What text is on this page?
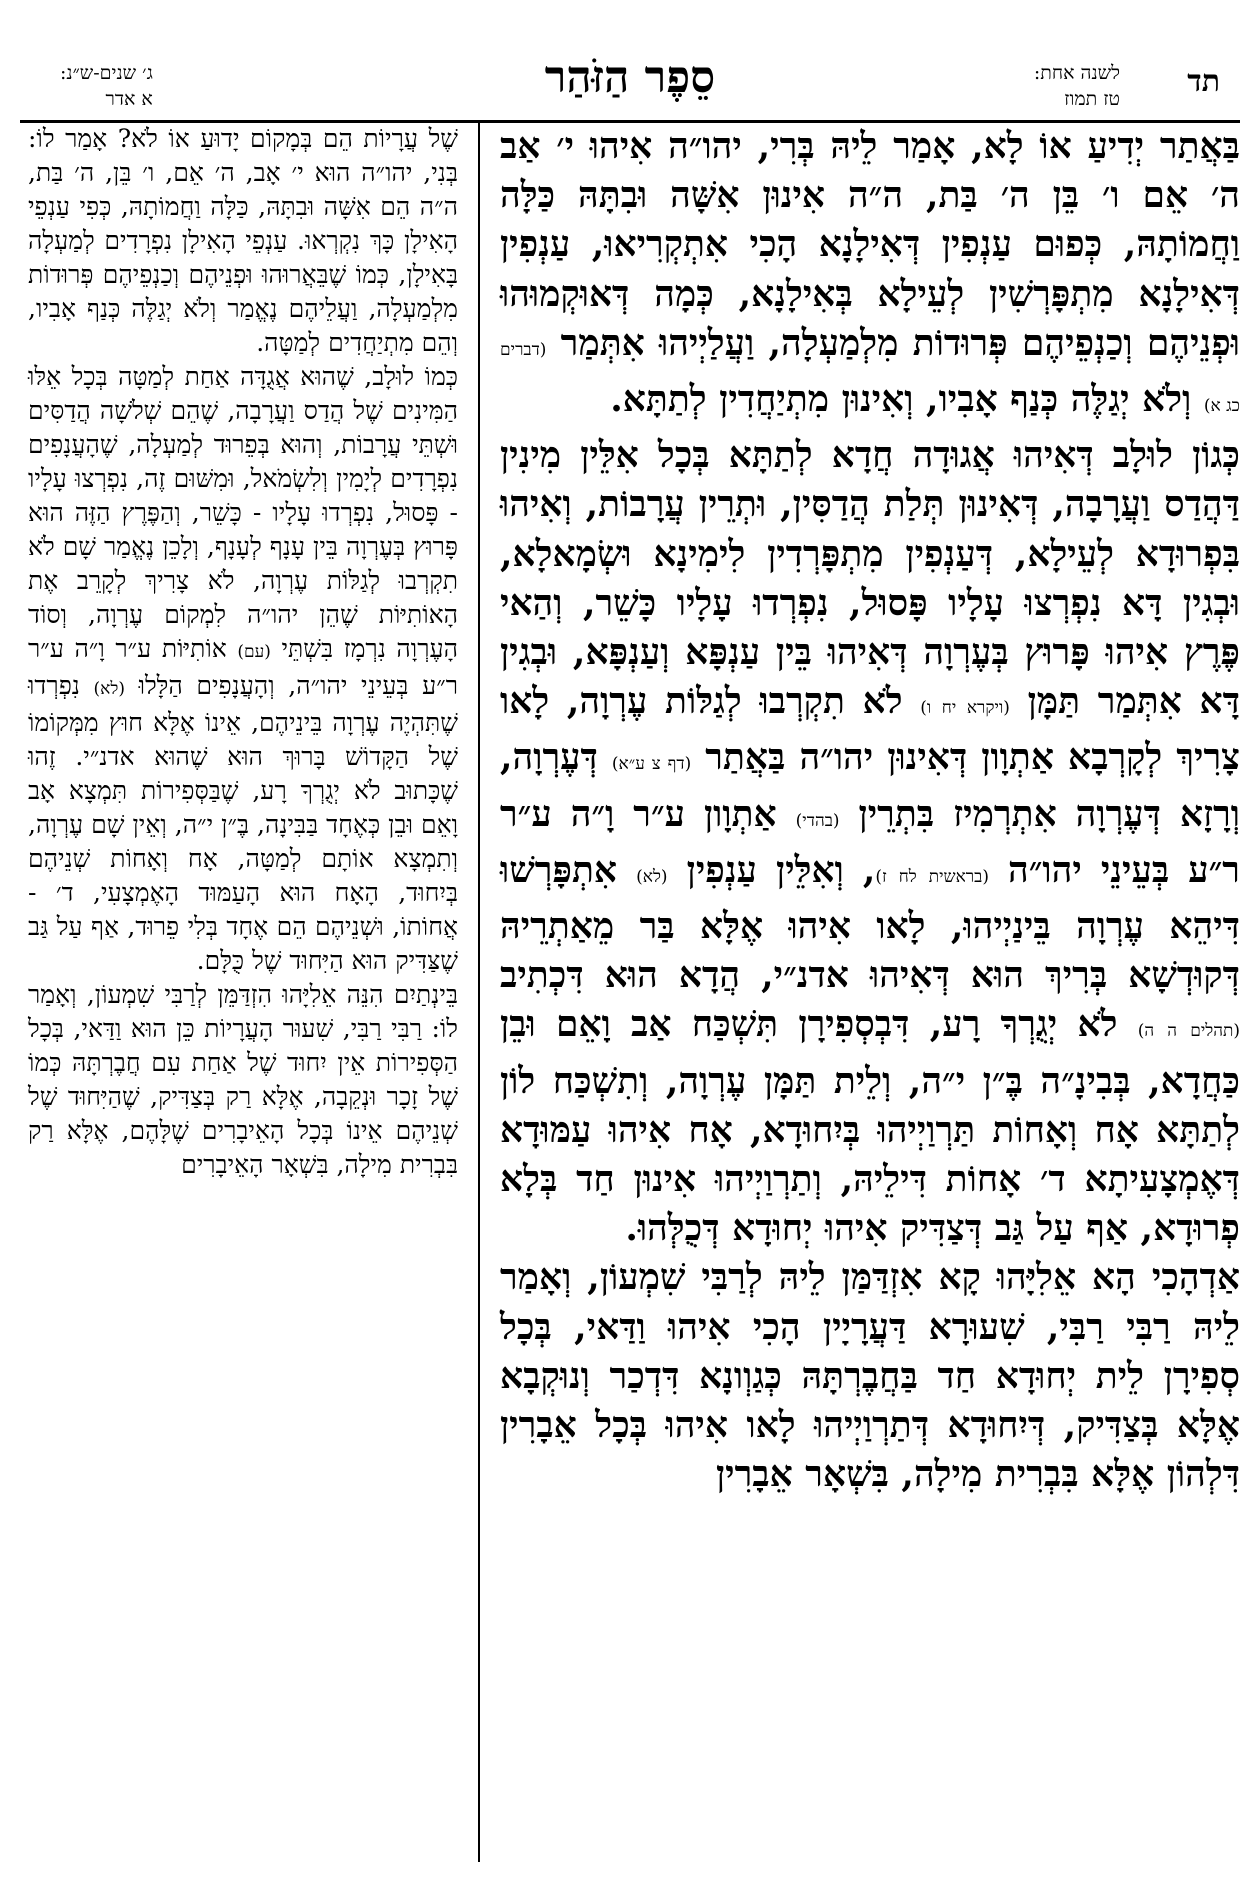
תד
לשנה אחת:
טז תמוז
סֵפֶר הַזֹּהַר
ג׳ שנים-ש״נ:
א אדר

בַּאֲתַר יְדִיעַ אוֹ לָא, אָמַר לֵיהּ בְּרִי, יהו״ה אִיהוּ י׳ אַב ה׳ אֵם ו׳ בֵּן ה׳ בַּת, ה״ה אִינוּן אִשָּׁה וּבִתָּהּ כַּלָּה וַחֲמוֹתָהּ, כְּפוּם עַנְפִין דְּאִילָנָא הָכִי אִתְקְרִיאוּ, עַנְפִין דְּאִילָנָא מִתְפָּרְשִׁין לְעֵילָא בְּאִילָנָא, כְּמָה דְּאוּקְמוּהוּ וּפְנֵיהֶם וְכַנְפֵיהֶם פְּרוּדוֹת מִלְמַעְלָה, וַעֲלַיְיהוּ אִתְּמַר (דברים כג א) וְלֹא יְגַלֶּה כְּנַף אָבִיו, וְאִינוּן מִתְיַחֲדִין לְתַתָּא.

כְּגוֹן לוּלָב דְּאִיהוּ אֲגוּדָה חֲדָא לְתַתָּא בְּכָל אִלֵּין מִינִין דַּהֲדַס וַעֲרָבָה, דְּאִינוּן תְּלַת הֲדַסִּין, וּתְרֵין עֲרָבוֹת, וְאִיהוּ בִּפְרוּדָא לְעֵילָא, דְּעַנְפִין מִתְפָּרְדִין לִימִינָא וּשְׂמָאלָא, וּבְגִין דָּא נִפְרְצוּ עָלָיו פָּסוּל, נִפְרְדוּ עָלָיו כָּשֵׁר, וְהַאי פֶּרֶץ אִיהוּ פָּרוּץ בְּעֶרְוָה דְּאִיהוּ בֵּין עַנְפָּא וְעַנְפָּא, וּבְגִין דָּא אִתְּמַר תַּמָּן (ויקרא יח ו) לֹא תִקְרְבוּ לְגַלּוֹת עֶרְוָה, לָאו צָרִיךְ לְקָרְבָא אַתְוָון דְּאִינוּן יהו״ה בַּאֲתַר (דף צ ע״א) דְּעֶרְוָה, וְרָזָא דְּעֶרְוָה אִתְרְמִיז בִּתְרֵין (בהדי) אַתְוָון ע״ר וָ״ה ע״ר ר״ע בְּעֵינֵי יהו״ה (בראשית לח ז), וְאִלֵּין עַנְפִין (לא) אִתְפָּרְשׁוּ דִּיהֵא עֶרְוָה בֵּינַיְיהוּ, לָאו אִיהוּ אֶלָּא בַּר מֵאַתְרֵיהּ דְּקוּדְשָׁא בְּרִיךְ הוּא דְּאִיהוּ אדנ״י, הֲדָא הוּא דִּכְתִיב (תהלים ה ה) לֹא יְגֻרְךָ רָע, דִּבְסְפִירָן תִּשְׁכַּח אַב וָאֵם וּבֵן כַּחֲדָא, בְּבִינָ״ה בֶּ״ן י״ה, וְלֵית תַּמָּן עֶרְוָה, וְתִשְׁכַּח לוֹן לְתַתָּא אָח וְאָחוֹת תַּרְוַיְיהוּ בְּיִחוּדָא, אָח אִיהוּ עַמּוּדָא דְּאֶמְצָעִיתָא ד׳ אָחוֹת דִּילֵיהּ, וְתַרְוַיְיהוּ אִינוּן חַד בְּלָא פְרוּדָא, אַף עַל גַּב דְּצַדִּיק אִיהוּ יְחוּדָא דְּכֻלְּהוּ.

אַדְהָכִי הָא אֵלִיָּהוּ קָא אִזְדַּמַּן לֵיהּ לְרַבִּי שִׁמְעוֹן, וְאָמַר לֵיהּ רַבִּי רַבִּי, שִׁעוּרָא דַּעֲרָיָין הָכִי אִיהוּ וַדַּאי, בְּכָל סְפִירָן לֵית יְחוּדָא חַד בַּחֲבֶרְתָּהּ כְּגַוְונָא דִּדְכַר וְנוּקְבָא אֶלָּא בְּצַדִּיק, דְּיִחוּדָא דְּתַרְוַיְיהוּ לָאו אִיהוּ בְּכָל אֵבָרִין דִּלְהוֹן אֶלָּא בִּבְרִית מִילָה, בִּשְׁאָר אֵבָרִין

שֶׁל עֲרָיוֹת הֵם בְּמָקוֹם יָדוּעַ אוֹ לֹא? אָמַר לוֹ: בְּנִי, יהו״ה הוּא י׳ אָב, ה׳ אֵם, ו׳ בֵּן, ה׳ בַּת, ה״ה הֵם אִשָּׁה וּבִתָּהּ, כַּלָּה וַחֲמוֹתָהּ, כְּפִי עַנְפֵי הָאִילָן כָּךְ נִקְרְאוּ. עַנְפֵי הָאִילָן נִפְרָדִים לְמַעְלָה בָּאִילָן, כְּמוֹ שֶׁבֵּאֲרוּהוּ וּפְנֵיהֶם וְכַנְפֵיהֶם פְּרוּדוֹת מִלְמַעְלָה, וַעֲלֵיהֶם נֶאֱמַר וְלֹא יְגַלֶּה כְּנַף אָבִיו, וְהֵם מִתְיַחֲדִים לְמַטָּה.

כְּמוֹ לוּלָב, שֶׁהוּא אֲגֻדָּה אַחַת לְמַטָּה בְּכָל אֵלּוּ הַמִּינִים שֶׁל הֲדַס וַעֲרָבָה, שֶׁהֵם שְׁלֹשָׁה הֲדַסִּים וּשְׁתֵּי עֲרָבוֹת, וְהוּא בְּפֵרוּד לְמַעְלָה, שֶׁהָעֲנָפִים נִפְרָדִים לְיָמִין וְלִשְׂמֹאל, וּמִשּׁוּם זֶה, נִפְרְצוּ עָלָיו - פָּסוּל, נִפְרְדוּ עָלָיו - כָּשֵׁר, וְהַפֶּרֶץ הַזֶּה הוּא פָּרוּץ בְּעֶרְוָה בֵּין עָנָף לְעָנָף, וְלָכֵן נֶאֱמַר שָׁם לֹא תִקְרְבוּ לְגַלּוֹת עֶרְוָה, לֹא צָרִיךְ לְקָרֵב אֶת הָאוֹתִיּוֹת שֶׁהֵן יהו״ה לִמְקוֹם עֶרְוָה, וְסוֹד הָעֶרְוָה נִרְמָז בִּשְׁתֵּי (עם) אוֹתִיּוֹת ע״ר וָ״ה ע״ר ר״ע בְּעֵינֵי יהו״ה, וְהָעֲנָפִים הַלָּלוּ (לא) נִפְרְדוּ שֶׁתִּהְיֶה עֶרְוָה בֵּינֵיהֶם, אֵינוֹ אֶלָּא חוּץ מִמְּקוֹמוֹ שֶׁל הַקָּדוֹשׁ בָּרוּךְ הוּא שֶׁהוּא אדנ״י. זֶהוּ שֶׁכָּתוּב לֹא יְגֻרְךָ רָע, שֶׁבַּסְּפִירוֹת תִּמְצָא אָב וָאֵם וּבֵן כְּאֶחָד בַּבִּינָה, בֶּ״ן י״ה, וְאֵין שָׁם עֶרְוָה, וְתִמְצָא אוֹתָם לְמַטָּה, אָח וְאָחוֹת שְׁנֵיהֶם בְּיִחוּד, הָאָח הוּא הָעַמּוּד הָאֶמְצָעִי, ד׳ - אֲחוֹתוֹ, וּשְׁנֵיהֶם הֵם אֶחָד בְּלִי פֵרוּד, אַף עַל גַּב שֶׁצַּדִּיק הוּא הַיִּחוּד שֶׁל כֻּלָּם.

בֵּינְתַיִם הִנֵּה אֵלִיָּהוּ הִזְדַּמֵּן לְרַבִּי שִׁמְעוֹן, וְאָמַר לוֹ: רַבִּי רַבִּי, שִׁעוּר הָעֲרָיוֹת כֵּן הוּא וַדַּאי, בְּכָל הַסְּפִירוֹת אֵין יִחוּד שֶׁל אַחַת עִם חֲבֶרְתָּהּ כְּמוֹ שֶׁל זָכָר וּנְקֵבָה, אֶלָּא רַק בְּצַדִּיק, שֶׁהַיִּחוּד שֶׁל שְׁנֵיהֶם אֵינוֹ בְּכָל הָאֵיבָרִים שֶׁלָּהֶם, אֶלָּא רַק בִּבְרִית מִילָה, בִּשְׁאָר הָאֵיבָרִים
